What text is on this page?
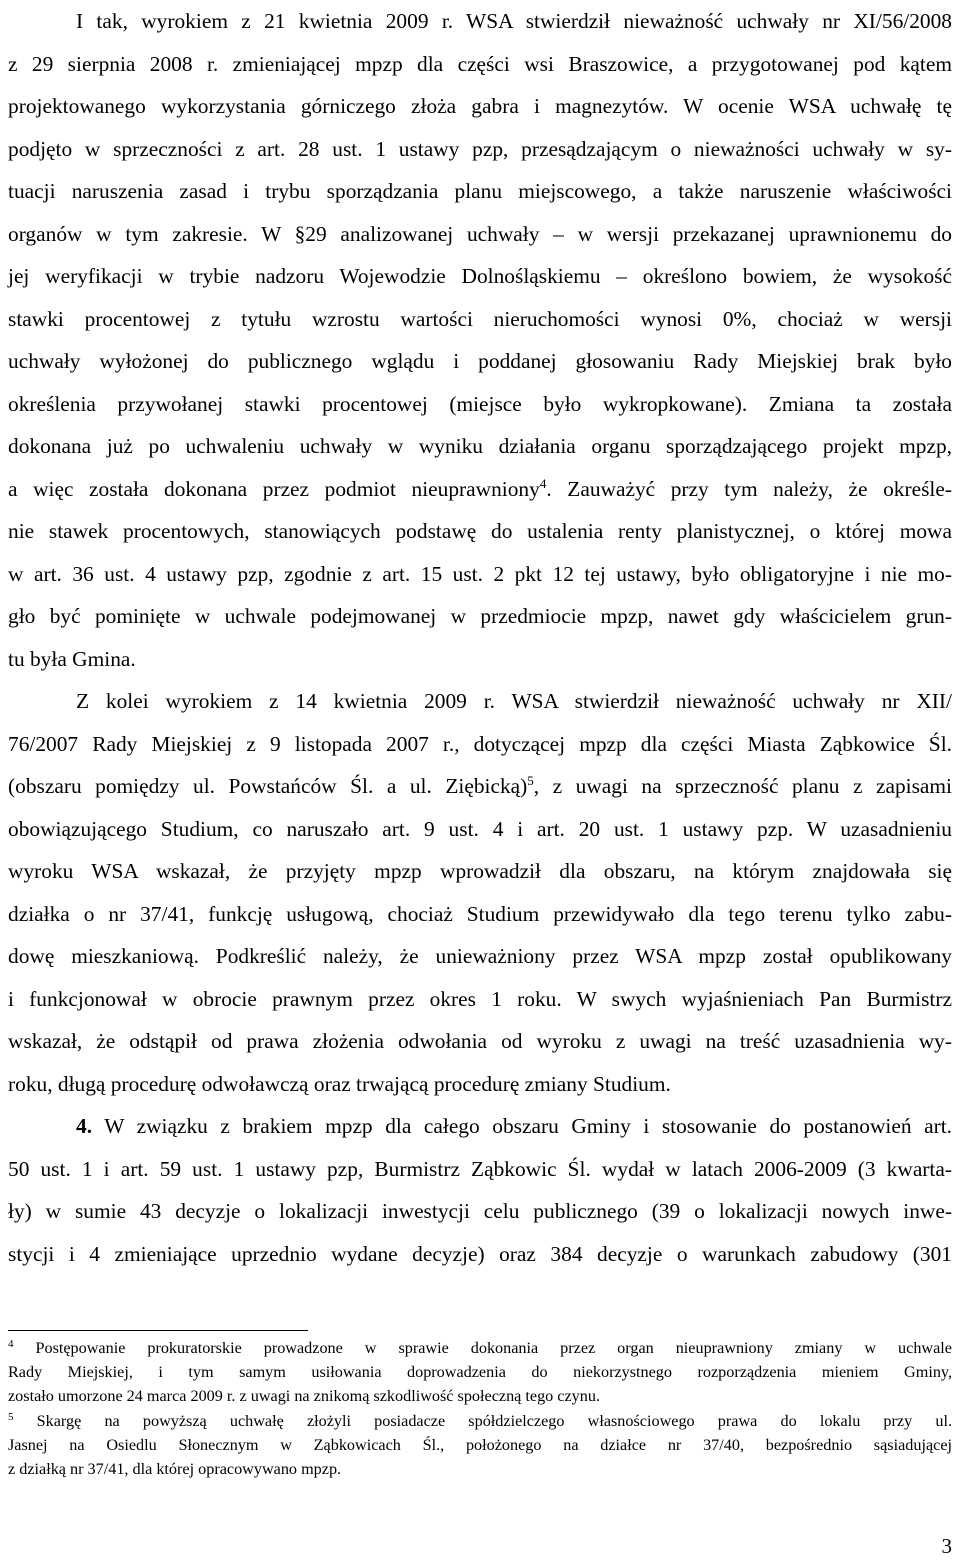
I tak, wyrokiem z 21 kwietnia 2009 r. WSA stwierdził nieważność uchwały nr XI/56/2008
z 29 sierpnia 2008 r. zmieniającej mpzp dla części wsi Braszowice, a przygotowanej pod kątem
projektowanego wykorzystania górniczego złoża gabra i magnezytów. W ocenie WSA uchwałę tę
podjęto w sprzeczności z art. 28 ust. 1 ustawy pzp, przesądzającym o nieważności uchwały w sy-
tuacji naruszenia zasad i trybu sporządzania planu miejscowego, a także naruszenie właściwości
organów w tym zakresie. W §29 analizowanej uchwały – w wersji przekazanej uprawnionemu do
jej weryfikacji w trybie nadzoru Wojewodzie Dolnośląskiemu – określono bowiem, że wysokość
stawki procentowej z tytułu wzrostu wartości nieruchomości wynosi 0%, chociaż w wersji
uchwały wyłożonej do publicznego wglądu i poddanej głosowaniu Rady Miejskiej brak było
określenia przywołanej stawki procentowej (miejsce było wykropkowane). Zmiana ta została
dokonana już po uchwaleniu uchwały w wyniku działania organu sporządzającego projekt mpzp,
a więc została dokonana przez podmiot nieuprawniony$^4$. Zauważyć przy tym należy, że określe-
nie stawek procentowych, stanowiących podstawę do ustalenia renty planistycznej, o której mowa
w art. 36 ust. 4 ustawy pzp, zgodnie z art. 15 ust. 2 pkt 12 tej ustawy, było obligatoryjne i nie mo-
gło być pominięte w uchwale podejmowanej w przedmiocie mpzp, nawet gdy właścicielem grun-
tu była Gmina.
Z kolei wyrokiem z 14 kwietnia 2009 r. WSA stwierdził nieważność uchwały nr XII/
76/2007 Rady Miejskiej z 9 listopada 2007 r., dotyczącej mpzp dla części Miasta Ząbkowice Śl.
(obszaru pomiędzy ul. Powstańców Śl. a ul. Ziębicką)$^5$, z uwagi na sprzeczność planu z zapisami
obowiązującego Studium, co naruszało art. 9 ust. 4 i art. 20 ust. 1 ustawy pzp. W uzasadnieniu
wyroku WSA wskazał, że przyjęty mpzp wprowadził dla obszaru, na którym znajdowała się
działka o nr 37/41, funkcję usługową, chociaż Studium przewidywało dla tego terenu tylko zabu-
dowę mieszkaniową. Podkreślić należy, że unieważniony przez WSA mpzp został opublikowany
i funkcjonował w obrocie prawnym przez okres 1 roku. W swych wyjaśnieniach Pan Burmistrz
wskazał, że odstąpił od prawa złożenia odwołania od wyroku z uwagi na treść uzasadnienia wy-
roku, długą procedurę odwoławczą oraz trwającą procedurę zmiany Studium.
4. W związku z brakiem mpzp dla całego obszaru Gminy i stosowanie do postanowień art.
50 ust. 1 i art. 59 ust. 1 ustawy pzp, Burmistrz Ząbkowic Śl. wydał w latach 2006-2009 (3 kwarta-
ły) w sumie 43 decyzje o lokalizacji inwestycji celu publicznego (39 o lokalizacji nowych inwe-
stycji i 4 zmieniające uprzednio wydane decyzje) oraz 384 decyzje o warunkach zabudowy (301
$^4$ Postępowanie prokuratorskie prowadzone w sprawie dokonania przez organ nieuprawniony zmiany w uchwale
Rady Miejskiej, i tym samym usiłowania doprowadzenia do niekorzystnego rozporządzenia mieniem Gminy,
zostało umorzone 24 marca 2009 r. z uwagi na znikomą szkodliwość społeczną tego czynu.
$^5$ Skargę na powyższą uchwałę złożyli posiadacze spółdzielczego własnościowego prawa do lokalu przy ul.
Jasnej na Osiedlu Słonecznym w Ząbkowicach Śl., położonego na działce nr 37/40, bezpośrednio sąsiadującej
z działką nr 37/41, dla której opracowywano mpzp.
3
